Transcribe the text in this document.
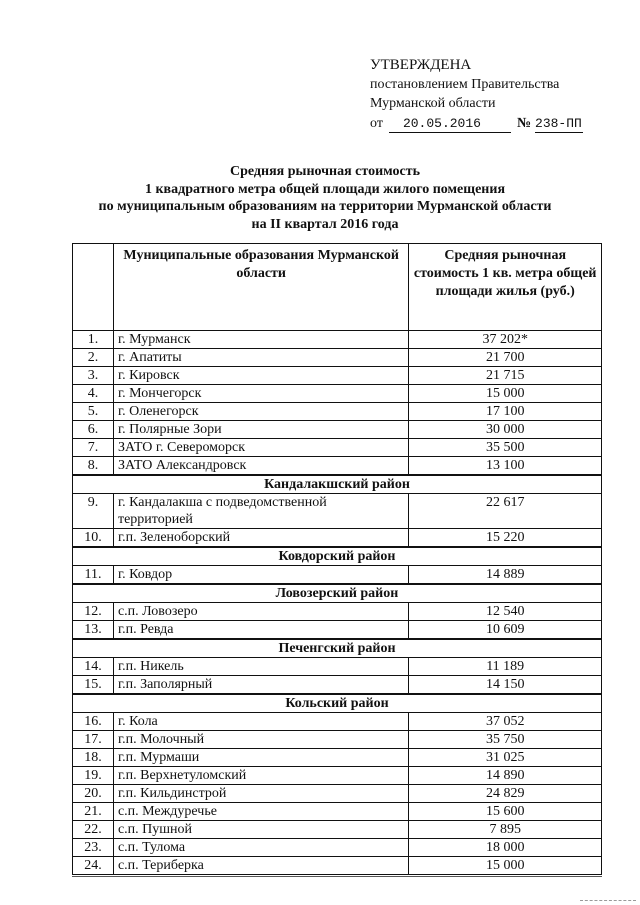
УТВЕРЖДЕНА
постановлением Правительства
Мурманской области
от	20.05.2016	№ 238-ПП
Средняя рыночная стоимость
1 квадратного метра общей площади жилого помещения
по муниципальным образованиям на территории Мурманской области
на II квартал 2016 года
	Муниципальные образования Мурманской области	Средняя рыночная стоимость 1 кв. метра общей площади жилья (руб.)
1.	г. Мурманск	37 202*
2.	г. Апатиты	21 700
3.	г. Кировск	21 715
4.	г. Мончегорск	15 000
5.	г. Оленегорск	17 100
6.	г. Полярные Зори	30 000
7.	ЗАТО г. Североморск	35 500
8.	ЗАТО Александровск	13 100
Кандалакшский район		
9.	г. Кандалакша с подведомственной территорией	22 617
10.	г.п. Зеленоборский	15 220
Ковдорский район		
11.	г. Ковдор	14 889
Ловозерский район		
12.	с.п. Ловозеро	12 540
13.	г.п. Ревда	10 609
Печенгский район		
14.	г.п. Никель	11 189
15.	г.п. Заполярный	14 150
Кольский район		
16.	г. Кола	37 052
17.	г.п. Молочный	35 750
18.	г.п. Мурмаши	31 025
19.	г.п. Верхнетуломский	14 890
20.	г.п. Кильдинстрой	24 829
21.	с.п. Междуречье	15 600
22.	с.п. Пушной	7 895
23.	с.п. Тулома	18 000
24.	с.п. Териберка	15 000
